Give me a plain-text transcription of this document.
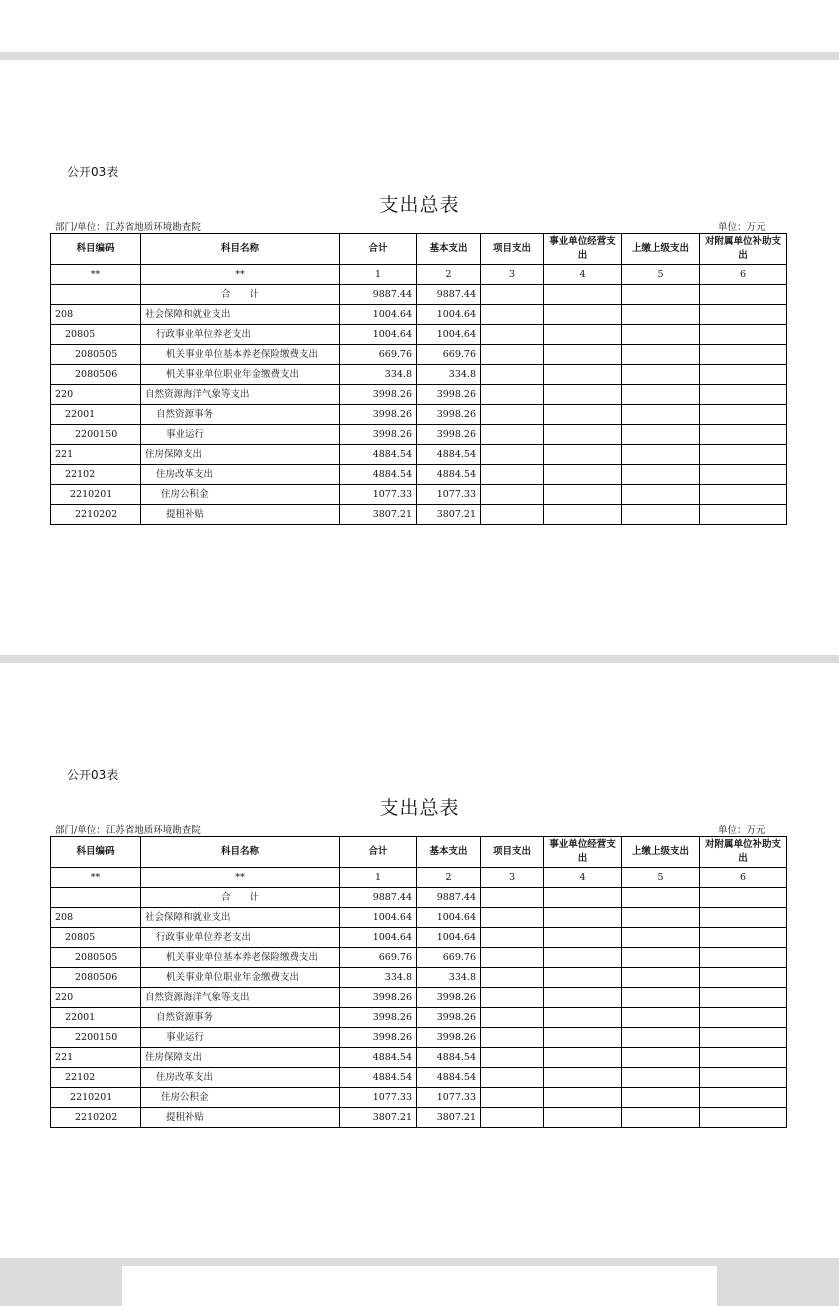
公开03表
支出总表
部门/单位：江苏省地质环境勘查院	单位：万元
科目编码	科目名称	合计	基本支出	项目支出	事业单位经营支出	上缴上级支出	对附属单位补助支出
**	**	1	2	3	4	5	6
	合　　计	9887.44	9887.44				
208	社会保障和就业支出	1004.64	1004.64				
20805	行政事业单位养老支出	1004.64	1004.64				
2080505	机关事业单位基本养老保险缴费支出	669.76	669.76				
2080506	机关事业单位职业年金缴费支出	334.8	334.8				
220	自然资源海洋气象等支出	3998.26	3998.26				
22001	自然资源事务	3998.26	3998.26				
2200150	事业运行	3998.26	3998.26				
221	住房保障支出	4884.54	4884.54				
22102	住房改革支出	4884.54	4884.54				
2210201	住房公积金	1077.33	1077.33				
2210202	提租补贴	3807.21	3807.21				
公开03表
支出总表
部门/单位：江苏省地质环境勘查院	单位：万元
科目编码	科目名称	合计	基本支出	项目支出	事业单位经营支出	上缴上级支出	对附属单位补助支出
**	**	1	2	3	4	5	6
	合　　计	9887.44	9887.44				
208	社会保障和就业支出	1004.64	1004.64				
20805	行政事业单位养老支出	1004.64	1004.64				
2080505	机关事业单位基本养老保险缴费支出	669.76	669.76				
2080506	机关事业单位职业年金缴费支出	334.8	334.8				
220	自然资源海洋气象等支出	3998.26	3998.26				
22001	自然资源事务	3998.26	3998.26				
2200150	事业运行	3998.26	3998.26				
221	住房保障支出	4884.54	4884.54				
22102	住房改革支出	4884.54	4884.54				
2210201	住房公积金	1077.33	1077.33				
2210202	提租补贴	3807.21	3807.21				
